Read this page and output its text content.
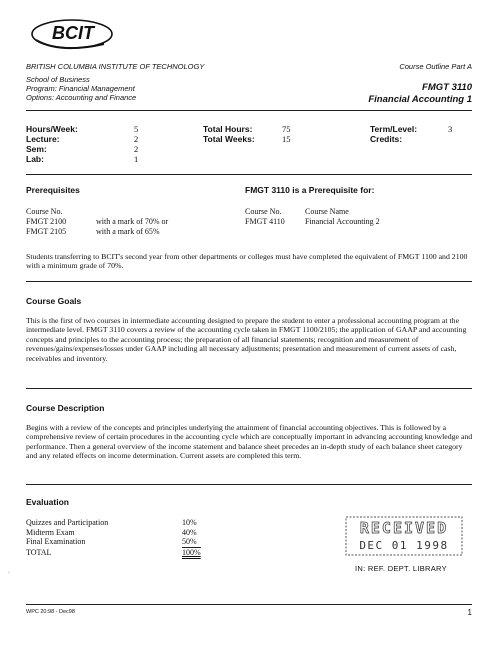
BCIT
BRITISH COLUMBIA INSTITUTE OF TECHNOLOGY
School of Business
Program: Financial Management
Options: Accounting and Finance
Course Outline Part A
FMGT 3110
Financial Accounting 1
Hours/Week:	5
Lecture:	2
Sem:	2
Lab:	1
Total Hours:	75
Total Weeks:	15
Term/Level:	3
Credits:
Prerequisites
Course No.
FMGT 2100	with a mark of 70% or
FMGT 2105	with a mark of 65%
FMGT 3110 is a Prerequisite for:
Course No.	Course Name
FMGT 4110	Financial Accounting 2
Students transferring to BCIT's second year from other departments or colleges must have completed the equivalent of FMGT 1100 and 2100 with a minimum grade of 70%.
Course Goals
This is the first of two courses in intermediate accounting designed to prepare the student to enter a professional accounting program at the intermediate level. FMGT 3110 covers a review of the accounting cycle taken in FMGT 1100/2105; the application of GAAP and accounting concepts and principles to the accounting process; the preparation of all financial statements; recognition and measurement of revenues/gains/expenses/losses under GAAP including all necessary adjustments; presentation and measurement of current assets of cash, receivables and inventory.
Course Description
Begins with a review of the concepts and principles underlying the attainment of financial accounting objectives. This is followed by a comprehensive review of certain procedures in the accounting cycle which are conceptually important in advancing accounting knowledge and performance. Then a general overview of the income statement and balance sheet precedes an in-depth study of each balance sheet category and any related effects on income determination. Current assets are completed this term.
Evaluation
Quizzes and Participation	10%
Midterm Exam	40%
Final Examination	50%
TOTAL	100%
RECEIVED
DEC 01 1998
IN: REF. DEPT. LIBRARY
·
WPC 20:98 - Dec98	1
